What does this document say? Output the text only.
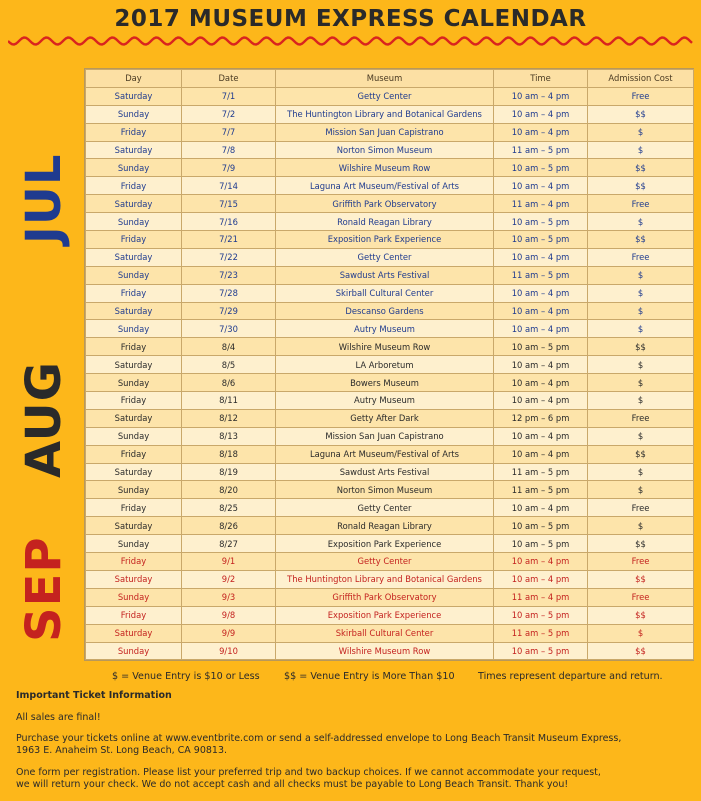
2017 MUSEUM EXPRESS CALENDAR
JUL
AUG
SEP
Day	Date	Museum	Time	Admission Cost
Saturday	7/1	Getty Center	10 am – 4 pm	Free
Sunday	7/2	The Huntington Library and Botanical Gardens	10 am – 4 pm	$$
Friday	7/7	Mission San Juan Capistrano	10 am – 4 pm	$
Saturday	7/8	Norton Simon Museum	11 am – 5 pm	$
Sunday	7/9	Wilshire Museum Row	10 am – 5 pm	$$
Friday	7/14	Laguna Art Museum/Festival of Arts	10 am – 4 pm	$$
Saturday	7/15	Griffith Park Observatory	11 am – 4 pm	Free
Sunday	7/16	Ronald Reagan Library	10 am – 5 pm	$
Friday	7/21	Exposition Park Experience	10 am – 5 pm	$$
Saturday	7/22	Getty Center	10 am – 4 pm	Free
Sunday	7/23	Sawdust Arts Festival	11 am – 5 pm	$
Friday	7/28	Skirball Cultural Center	10 am – 4 pm	$
Saturday	7/29	Descanso Gardens	10 am – 4 pm	$
Sunday	7/30	Autry Museum	10 am – 4 pm	$
Friday	8/4	Wilshire Museum Row	10 am – 5 pm	$$
Saturday	8/5	LA Arboretum	10 am – 4 pm	$
Sunday	8/6	Bowers Museum	10 am – 4 pm	$
Friday	8/11	Autry Museum	10 am – 4 pm	$
Saturday	8/12	Getty After Dark	12 pm – 6 pm	Free
Sunday	8/13	Mission San Juan Capistrano	10 am – 4 pm	$
Friday	8/18	Laguna Art Museum/Festival of Arts	10 am – 4 pm	$$
Saturday	8/19	Sawdust Arts Festival	11 am – 5 pm	$
Sunday	8/20	Norton Simon Museum	11 am – 5 pm	$
Friday	8/25	Getty Center	10 am – 4 pm	Free
Saturday	8/26	Ronald Reagan Library	10 am – 5 pm	$
Sunday	8/27	Exposition Park Experience	10 am – 5 pm	$$
Friday	9/1	Getty Center	10 am – 4 pm	Free
Saturday	9/2	The Huntington Library and Botanical Gardens	10 am – 4 pm	$$
Sunday	9/3	Griffith Park Observatory	11 am – 4 pm	Free
Friday	9/8	Exposition Park Experience	10 am – 5 pm	$$
Saturday	9/9	Skirball Cultural Center	11 am – 5 pm	$
Sunday	9/10	Wilshire Museum Row	10 am – 5 pm	$$
$ = Venue Entry is $10 or Less	$$ = Venue Entry is More Than $10 Times represent departure and return.
Important Ticket Information
All sales are final!
Purchase your tickets online at www.eventbrite.com or send a self-addressed envelope to Long Beach Transit Museum Express,
1963 E. Anaheim St. Long Beach, CA 90813.
One form per registration. Please list your preferred trip and two backup choices. If we cannot accommodate your request,
we will return your check. We do not accept cash and all checks must be payable to Long Beach Transit. Thank you!
